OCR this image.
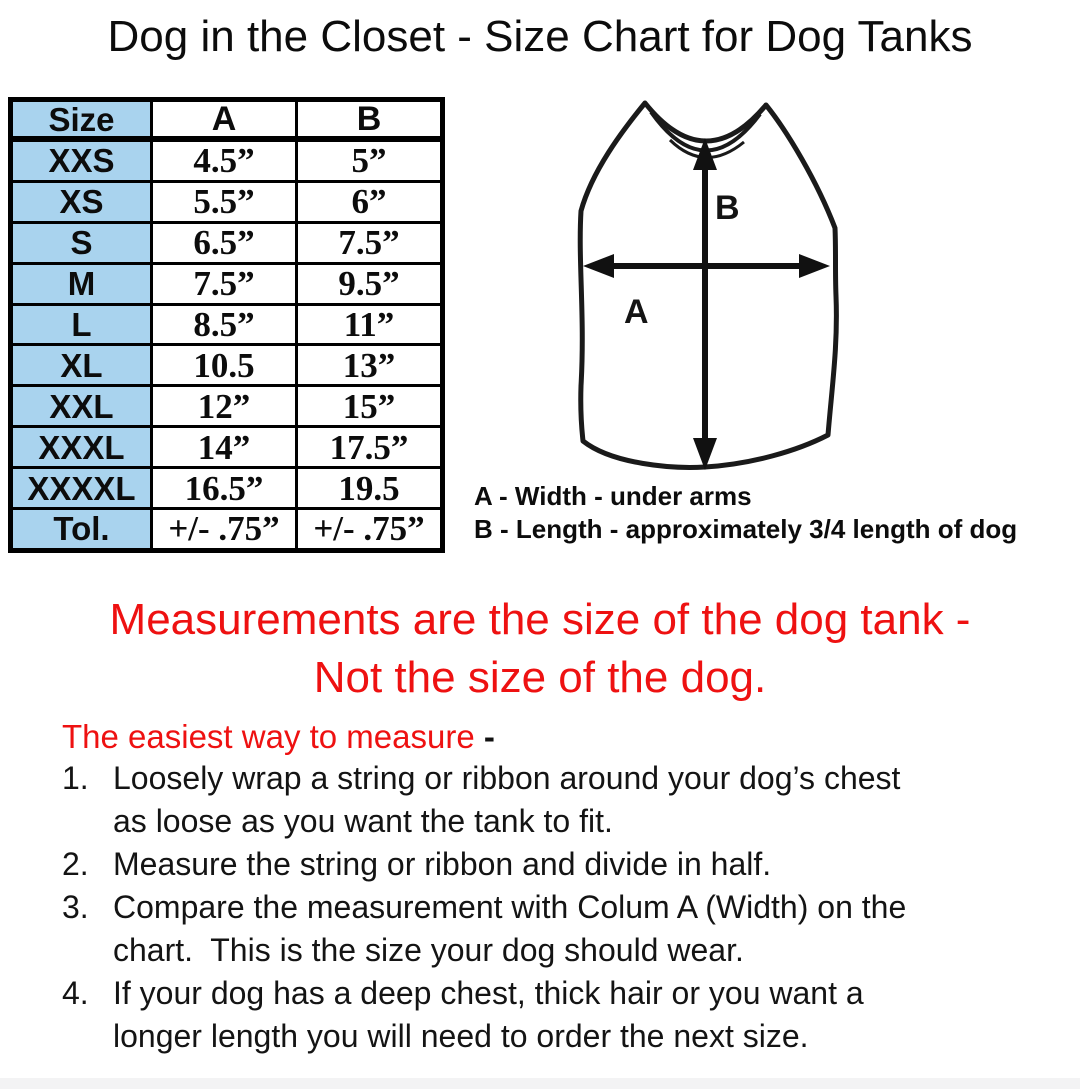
Dog in the Closet - Size Chart for Dog Tanks
Size	A	B
XXS	4.5”	5”
XS	5.5”	6”
S	6.5”	7.5”
M	7.5”	9.5”
L	8.5”	11”
XL	10.5	13”
XXL	12”	15”
XXXL	14”	17.5”
XXXXL	16.5”	19.5
Tol.	+/- .75”	+/- .75”
A
B
A - Width - under arms
B - Length - approximately 3/4 length of dog
Measurements are the size of the dog tank -
Not the size of the dog.
The easiest way to measure -
1. Loosely wrap a string or ribbon around your dog’s chest
as loose as you want the tank to fit.
2. Measure the string or ribbon and divide in half.
3. Compare the measurement with Colum A (Width) on the
chart.  This is the size your dog should wear.
4. If your dog has a deep chest, thick hair or you want a
longer length you will need to order the next size.
